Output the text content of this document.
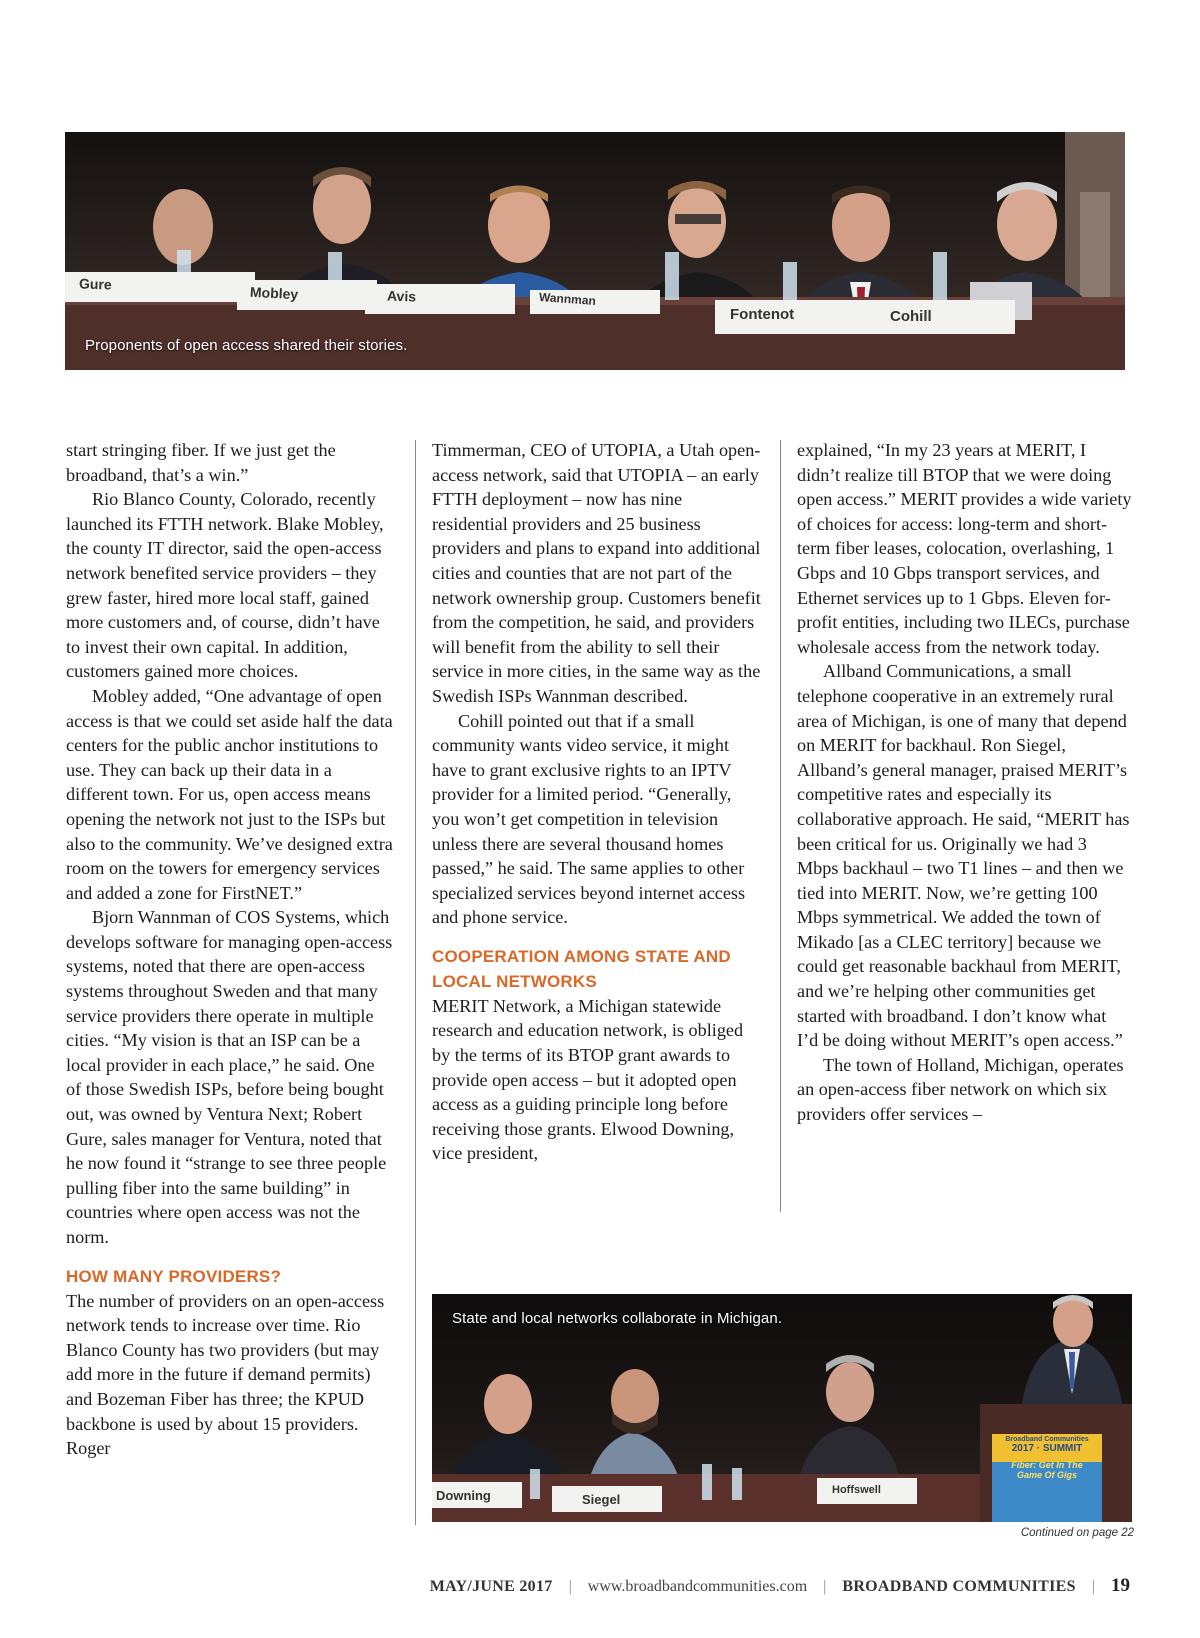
Gure	Mobley	Avis	Wannman
Fontenot	Cohill
Proponents of open access shared their stories.

start stringing fiber. If we just get the broadband, that’s a win.”

Rio Blanco County, Colorado, recently launched its FTTH network. Blake Mobley, the county IT director, said the open-access network benefited service providers – they grew faster, hired more local staff, gained more customers and, of course, didn’t have to invest their own capital. In addition, customers gained more choices.

Mobley added, “One advantage of open access is that we could set aside half the data centers for the public anchor institutions to use. They can back up their data in a different town. For us, open access means opening the network not just to the ISPs but also to the community. We’ve designed extra room on the towers for emergency services and added a zone for FirstNET.”

Bjorn Wannman of COS Systems, which develops software for managing open-access systems, noted that there are open-access systems throughout Sweden and that many service providers there operate in multiple cities. “My vision is that an ISP can be a local provider in each place,” he said. One of those Swedish ISPs, before being bought out, was owned by Ventura Next; Robert Gure, sales manager for Ventura, noted that he now found it “strange to see three people pulling fiber into the same building” in countries where open access was not the norm.

HOW MANY PROVIDERS?

The number of providers on an open-access network tends to increase over time. Rio Blanco County has two providers (but may add more in the future if demand permits) and Bozeman Fiber has three; the KPUD backbone is used by about 15 providers. Roger

Timmerman, CEO of UTOPIA, a Utah open-access network, said that UTOPIA – an early FTTH deployment – now has nine residential providers and 25 business providers and plans to expand into additional cities and counties that are not part of the network ownership group. Customers benefit from the competition, he said, and providers will benefit from the ability to sell their service in more cities, in the same way as the Swedish ISPs Wannman described.

Cohill pointed out that if a small community wants video service, it might have to grant exclusive rights to an IPTV provider for a limited period. “Generally, you won’t get competition in television unless there are several thousand homes passed,” he said. The same applies to other specialized services beyond internet access and phone service.

COOPERATION AMONG STATE AND LOCAL NETWORKS

MERIT Network, a Michigan statewide research and education network, is obliged by the terms of its BTOP grant awards to provide open access – but it adopted open access as a guiding principle long before receiving those grants. Elwood Downing, vice president,

explained, “In my 23 years at MERIT, I didn’t realize till BTOP that we were doing open access.” MERIT provides a wide variety of choices for access: long-term and short-term fiber leases, colocation, overlashing, 1 Gbps and 10 Gbps transport services, and Ethernet services up to 1 Gbps. Eleven for-profit entities, including two ILECs, purchase wholesale access from the network today.

Allband Communications, a small telephone cooperative in an extremely rural area of Michigan, is one of many that depend on MERIT for backhaul. Ron Siegel, Allband’s general manager, praised MERIT’s competitive rates and especially its collaborative approach. He said, “MERIT has been critical for us. Originally we had 3 Mbps backhaul – two T1 lines – and then we tied into MERIT. Now, we’re getting 100 Mbps symmetrical. We added the town of Mikado [as a CLEC territory] because we could get reasonable backhaul from MERIT, and we’re helping other communities get started with broadband. I don’t know what I’d be doing without MERIT’s open access.”

The town of Holland, Michigan, operates an open-access fiber network on which six providers offer services –

Broadband Communities
2017 · SUMMIT
Fiber: Get In The
Game Of Gigs
Downing	Siegel
Hoffswell
State and local networks collaborate in Michigan.
Continued on page 22
MAY/JUNE 2017 | www.broadbandcommunities.com | BROADBAND COMMUNITIES | 19
